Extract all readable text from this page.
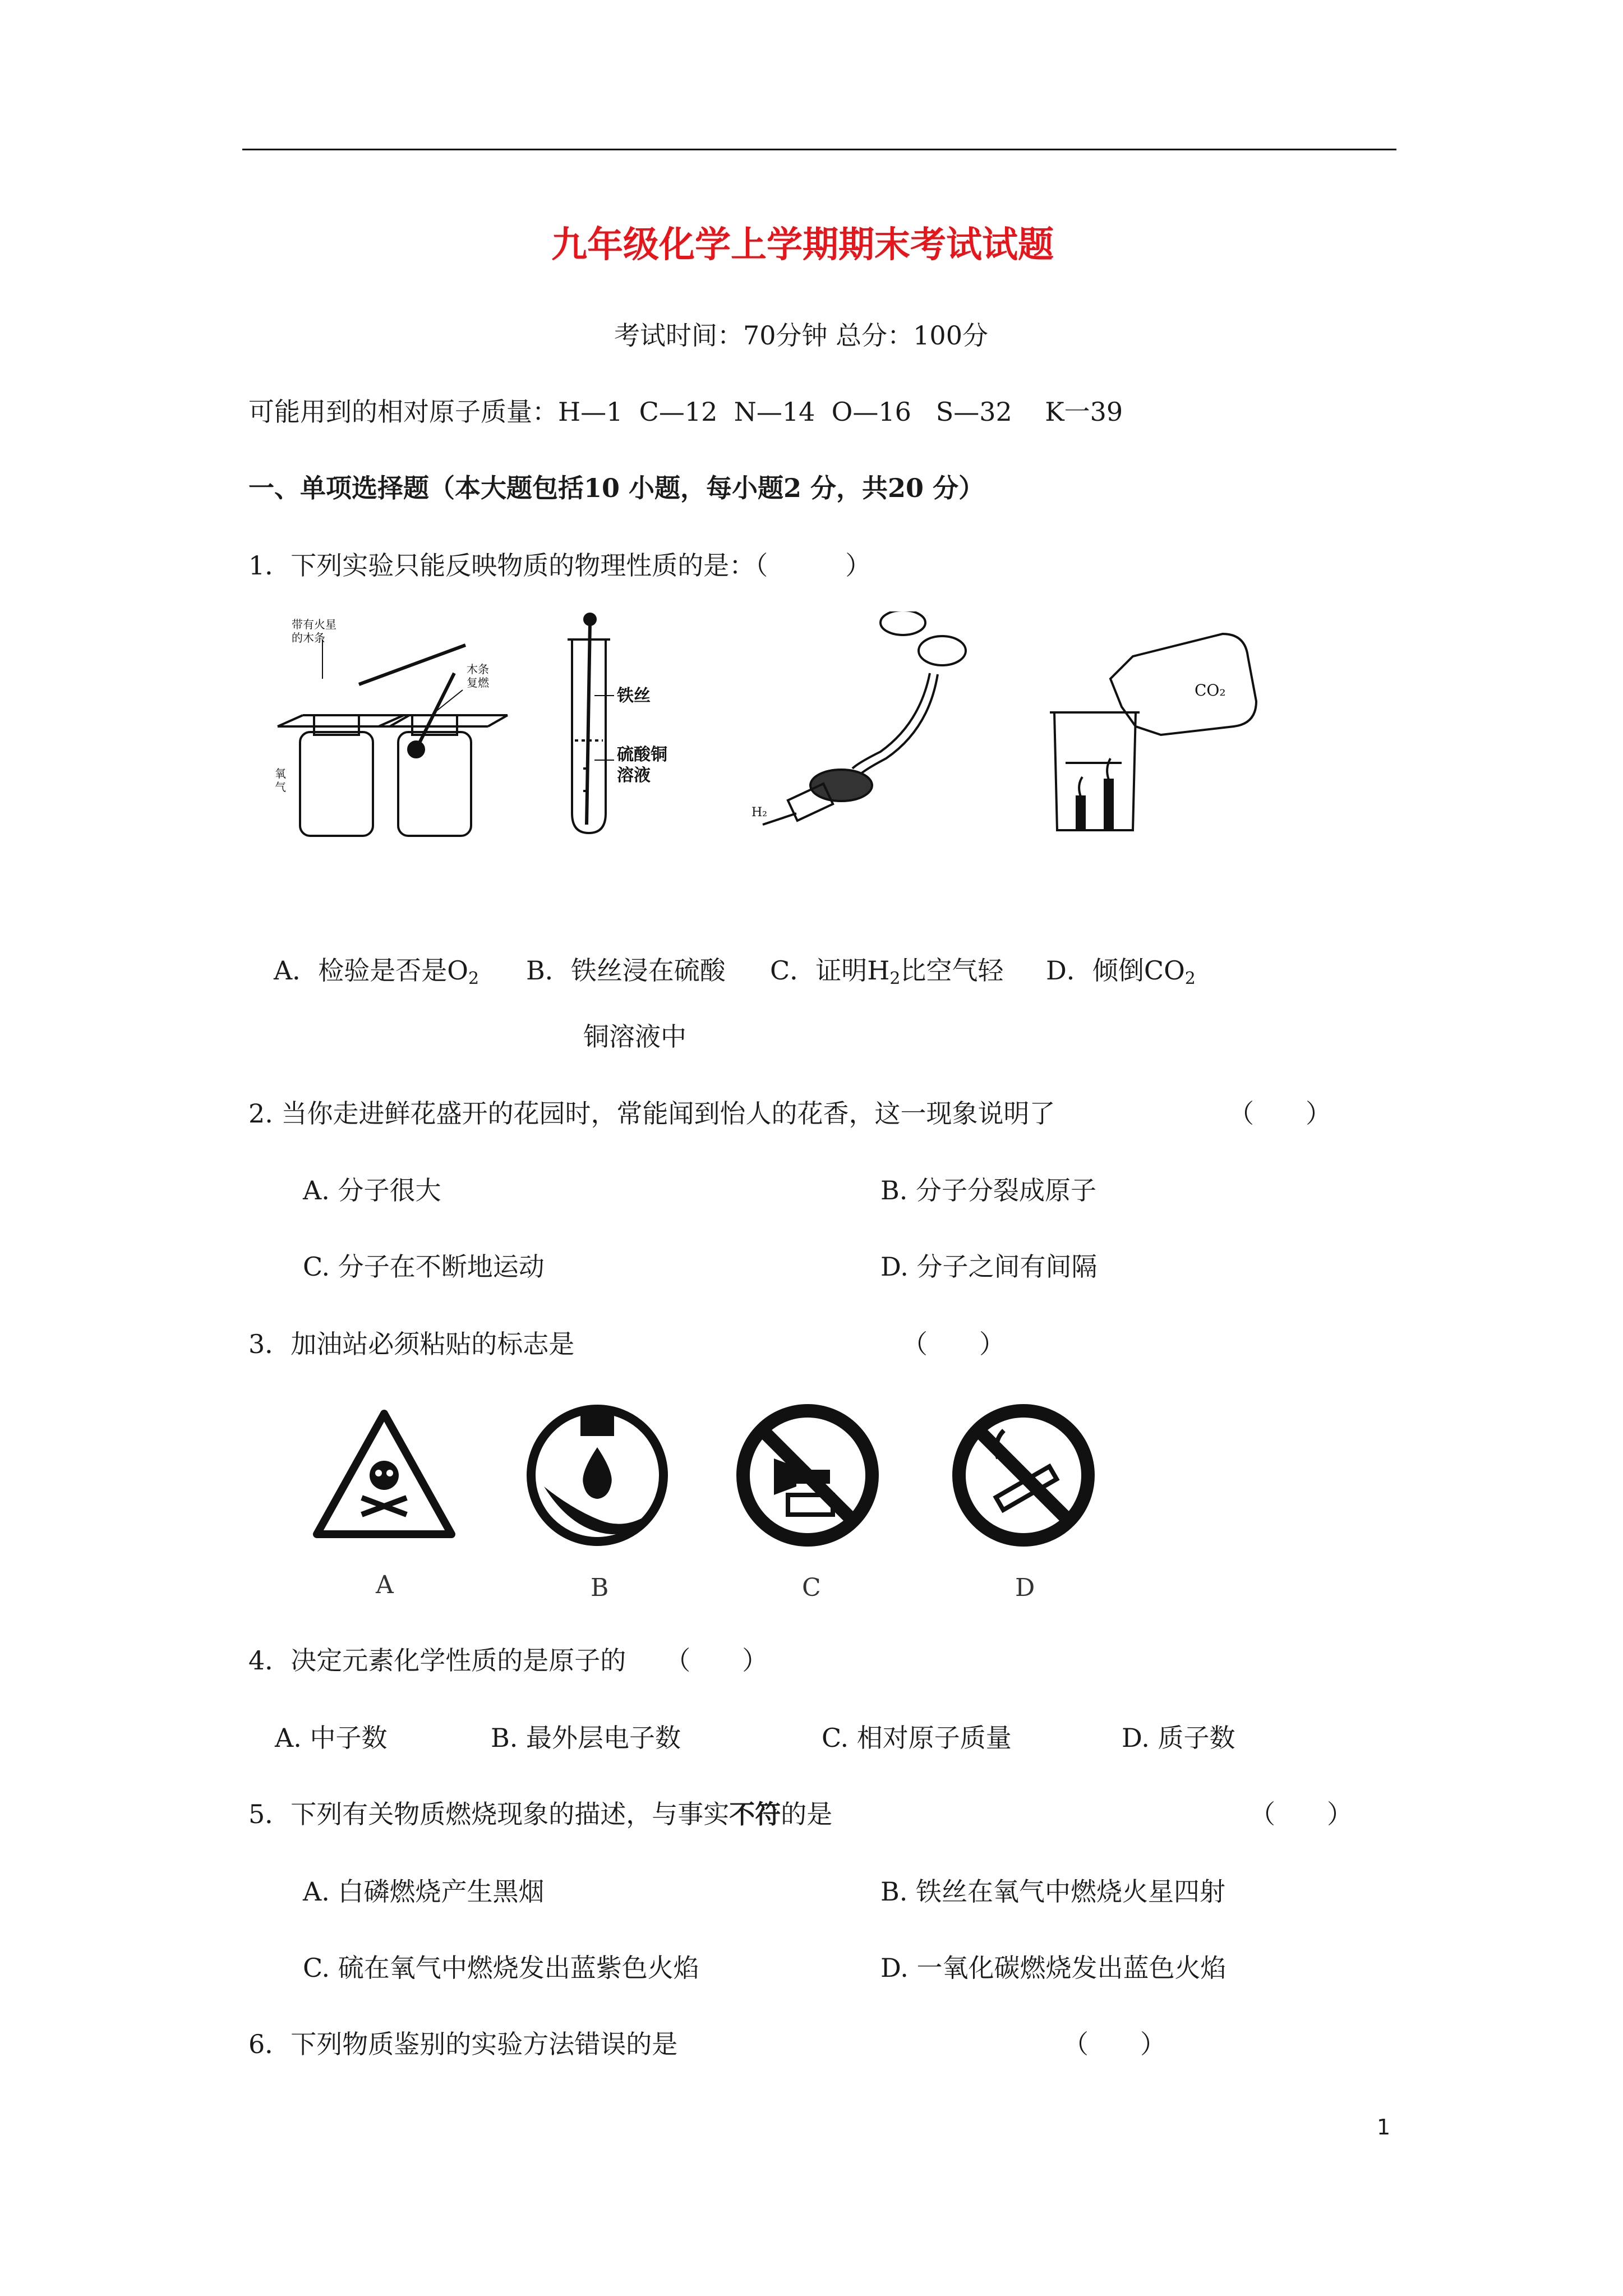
九年级化学上学期期末考试试题
考试时间：70分钟 总分：100分
可能用到的相对原子质量：H—1  C—12  N—14  O—16   S—32    K一39
一、单项选择题（本大题包括10 小题，每小题2 分，共20 分）
1．下列实验只能反映物质的物理性质的是：（　　　）
带有火星
的木条
氧
气
木条
复燃
铁丝
硫酸铜
溶液
H₂
CO₂
A．检验是否是$O_2$ B．铁丝浸在硫酸
铜溶液中
C．证明$H_2$比空气轻 D．倾倒$CO_2$
2. 当你走进鲜花盛开的花园时，常能闻到怡人的花香，这一现象说明了	（　　）
A. 分子很大	B. 分子分裂成原子
C. 分子在不断地运动	D. 分子之间有间隔
3．加油站必须粘贴的标志是	（　　）
A	B	C	D
4．决定元素化学性质的是原子的　　（　　）
A. 中子数	B. 最外层电子数	C. 相对原子质量	D. 质子数
5．下列有关物质燃烧现象的描述，与事实不符的是	（　　）
A. 白磷燃烧产生黑烟	B. 铁丝在氧气中燃烧火星四射
C. 硫在氧气中燃烧发出蓝紫色火焰	D. 一氧化碳燃烧发出蓝色火焰
6．下列物质鉴别的实验方法错误的是	（　　）
1
